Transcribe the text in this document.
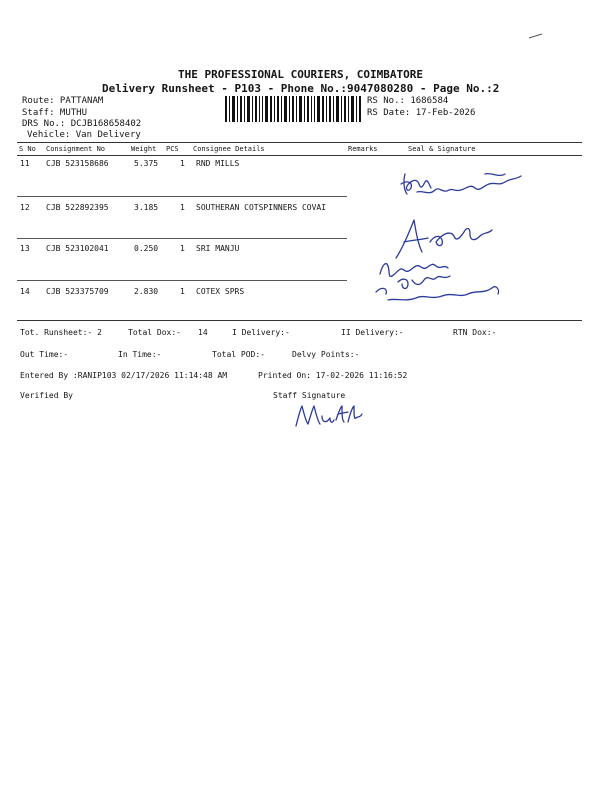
THE PROFESSIONAL COURIERS, COIMBATORE
Delivery Runsheet - P103 - Phone No.:9047080280 - Page No.:2
Route: PATTANAM
Staff: MUTHU
DRS No.: DCJB168658402
Vehicle: Van Delivery
RS No.: 1686584
RS Date: 17-Feb-2026
S No Consignment No	Weight PCS Consignee Details	Remarks	Seal & Signature
11 CJB 523158686	5.375	1 RND MILLS
12 CJB 522892395	3.185	1 SOUTHERAN COTSPINNERS COVAI
13 CJB 523102041	0.250	1 SRI MANJU
14 CJB 523375709	2.830	1 COTEX SPRS
Tot. Runsheet:- 2	Total Dox:- 14	I Delivery:-	II Delivery:-	RTN Dox:-
Out Time:-	In Time:-	Total POD:-	Delvy Points:-
Entered By :RANIP103 02/17/2026 11:14:48 AM	Printed On: 17-02-2026 11:16:52
Verified By	Staff Signature
